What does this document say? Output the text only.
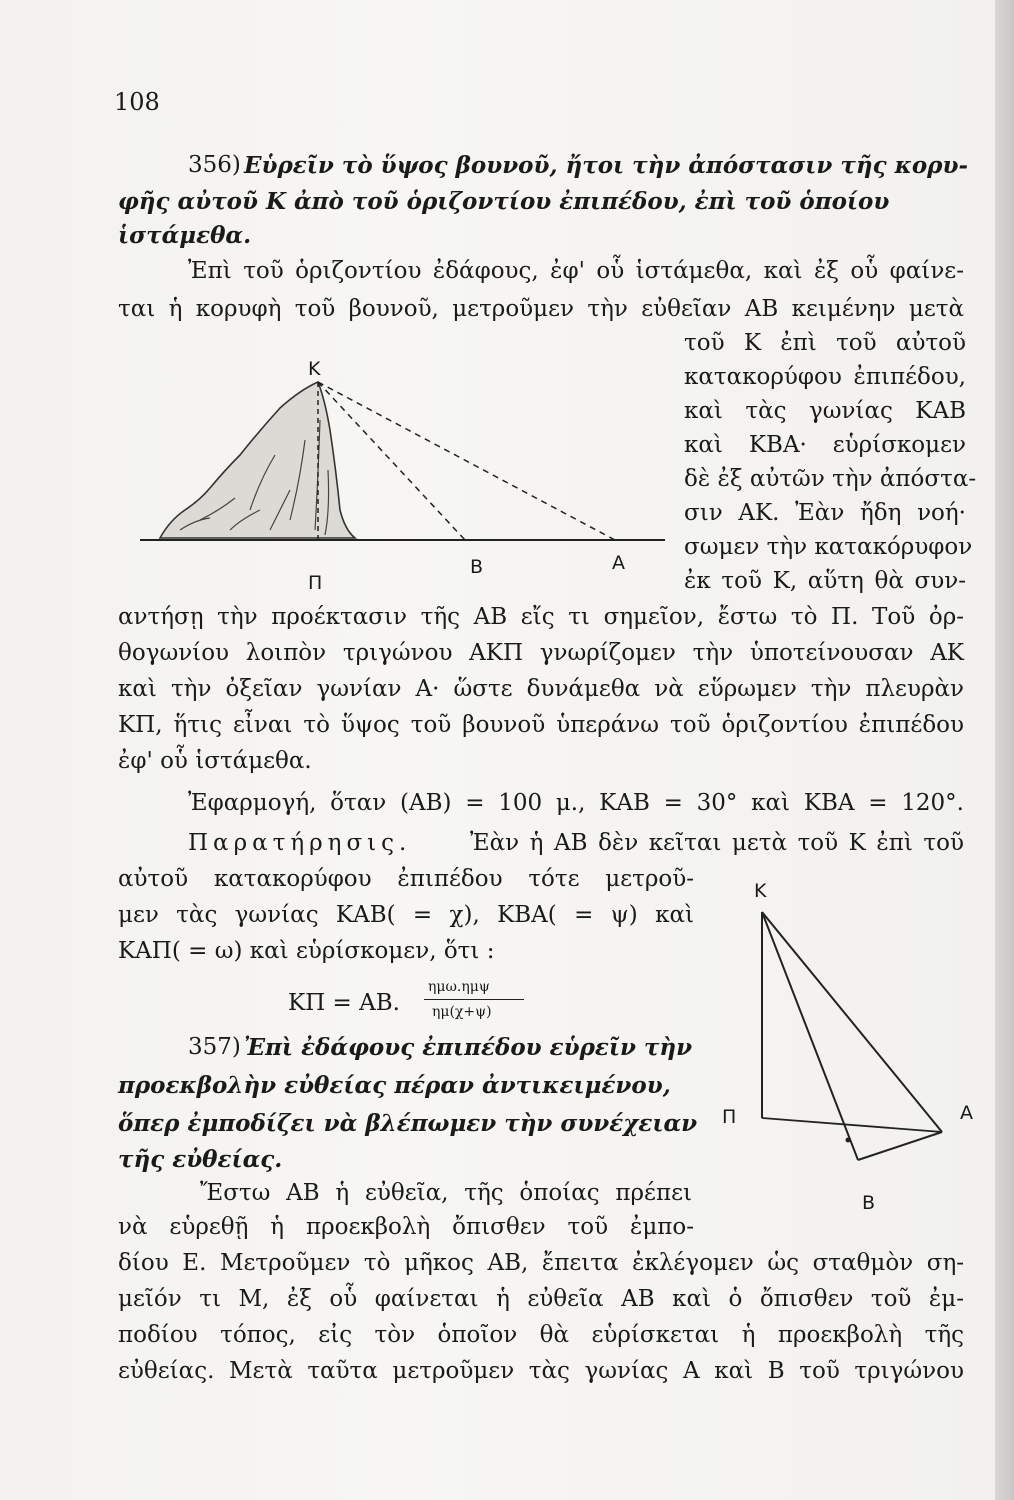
108
356) Εὑρεῖν τὸ ὕψος βουνοῦ, ἤτοι τὴν ἀπόστασιν τῆς κορυ-
φῆς αὐτοῦ K ἀπὸ τοῦ ὁριζοντίου ἐπιπέδου, ἐπὶ τοῦ ὁποίου
ἱστάμεθα.
Ἐπὶ τοῦ ὁριζοντίου ἐδάφους, ἐφ' οὗ ἱστάμεθα, καὶ ἐξ οὗ φαίνε-
ται ἡ κορυφὴ τοῦ βουνοῦ, μετροῦμεν τὴν εὐθεῖαν ΑΒ κειμένην μετὰ
τοῦ Κ ἐπὶ τοῦ αὐτοῦ
κατακορύφου ἐπιπέδου,
καὶ τὰς γωνίας ΚΑΒ
καὶ ΚΒΑ· εὑρίσκομεν
δὲ ἐξ αὐτῶν τὴν ἀπόστα-
σιν ΑΚ. Ἐὰν ἤδη νοή·
σωμεν τὴν κατακόρυφον
ἐκ τοῦ Κ, αὕτη θὰ συν-
K
Π
B	A
αντήσῃ τὴν προέκτασιν τῆς ΑΒ εἴς τι σημεῖον, ἔστω τὸ Π. Τοῦ ὀρ-
θογωνίου λοιπὸν τριγώνου ΑΚΠ γνωρίζομεν τὴν ὑποτείνουσαν ΑΚ
καὶ τὴν ὀξεῖαν γωνίαν Α· ὥστε δυνάμεθα νὰ εὕρωμεν τὴν πλευρὰν
ΚΠ, ἥτις εἶναι τὸ ὕψος τοῦ βουνοῦ ὑπεράνω τοῦ ὁριζοντίου ἐπιπέδου
ἐφ' οὗ ἱστάμεθα.
Ἐφαρμογή, ὅταν (ΑΒ) = 100 μ., ΚΑΒ = 30° καὶ ΚΒΑ = 120°.
Παρατήρησις.	Ἐὰν ἡ ΑΒ δὲν κεῖται μετὰ τοῦ Κ ἐπὶ τοῦ
αὐτοῦ κατακορύφου ἐπιπέδου τότε μετροῦ-
μεν τὰς γωνίας ΚΑΒ( = χ), ΚΒΑ( = ψ) καὶ
ΚΑΠ( = ω) καὶ εὑρίσκομεν, ὅτι :
ΚΠ = ΑΒ.
ημω.ημψ
ημ(χ+ψ)
K
Π	A
B
357) Ἐπὶ ἐδάφους ἐπιπέδου εὑρεῖν τὴν
προεκβολὴν εὐθείας πέραν ἀντικειμένου,
ὅπερ ἐμποδίζει νὰ βλέπωμεν τὴν συνέχειαν
τῆς εὐθείας.
Ἔστω ΑΒ ἡ εὐθεῖα, τῆς ὁποίας πρέπει
νὰ εὑρεθῇ ἡ προεκβολὴ ὄπισθεν τοῦ ἐμπο-
δίου Ε. Μετροῦμεν τὸ μῆκος ΑΒ, ἔπειτα ἐκλέγομεν ὡς σταθμὸν ση-
μεῖόν τι Μ, ἐξ οὗ φαίνεται ἡ εὐθεῖα ΑΒ καὶ ὁ ὄπισθεν τοῦ ἐμ-
ποδίου τόπος, εἰς τὸν ὁποῖον θὰ εὑρίσκεται ἡ προεκβολὴ τῆς
εὐθείας. Μετὰ ταῦτα μετροῦμεν τὰς γωνίας Α καὶ Β τοῦ τριγώνου
